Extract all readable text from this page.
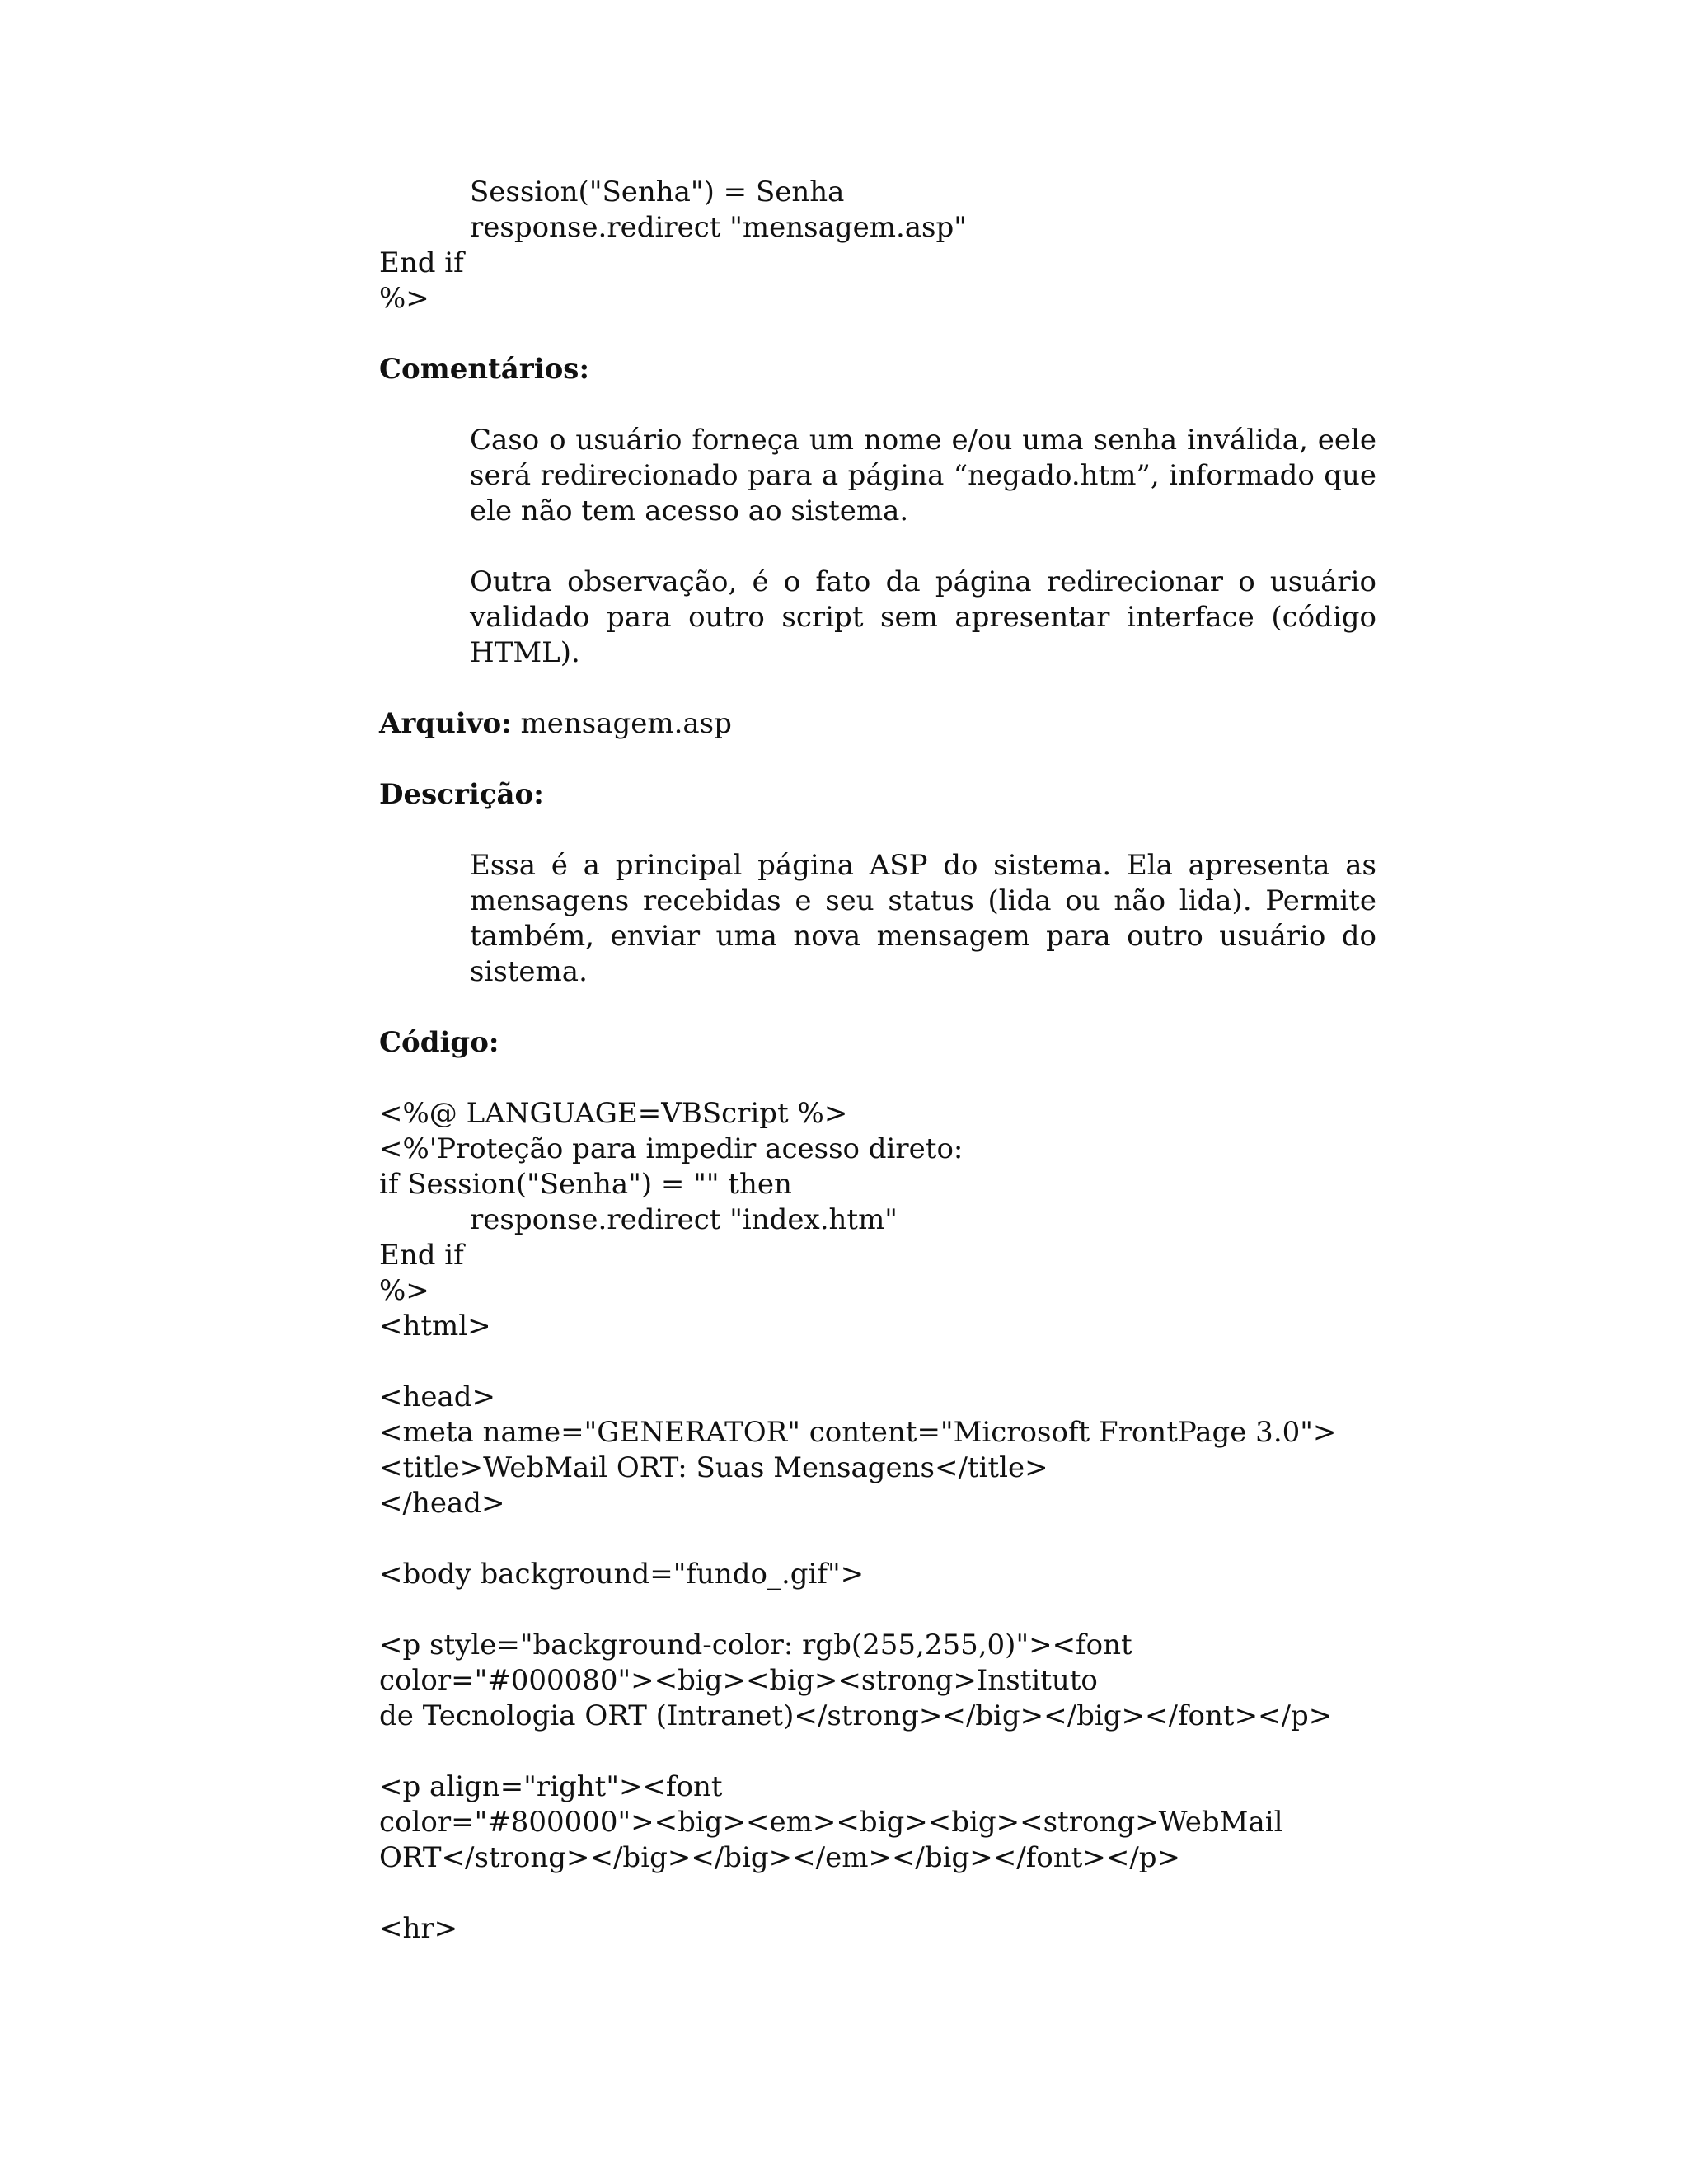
Session("Senha") = Senha
response.redirect "mensagem.asp"
End if
%>
Comentários:
Caso o usuário forneça um nome e/ou uma senha inválida, eele será redirecionado para a página “negado.htm”, informado que ele não tem acesso ao sistema.
Outra observação, é o fato da página redirecionar o usuário validado para outro script sem apresentar interface (código HTML).
Arquivo: mensagem.asp
Descrição:
Essa é a principal página ASP do sistema. Ela apresenta as mensagens recebidas e seu status (lida ou não lida). Permite também, enviar uma nova mensagem para outro usuário do sistema.
Código:
<%@ LANGUAGE=VBScript %>
<%'Proteção para impedir acesso direto:
if Session("Senha") = "" then
response.redirect "index.htm"
End if
%>
<html>
<head>
<meta name="GENERATOR" content="Microsoft FrontPage 3.0">
<title>WebMail ORT: Suas Mensagens</title>
</head>
<body background="fundo_.gif">
<p style="background-color: rgb(255,255,0)"><font
color="#000080"><big><big><strong>Instituto
de Tecnologia ORT (Intranet)</strong></big></big></font></p>
<p align="right"><font
color="#800000"><big><em><big><big><strong>WebMail
ORT</strong></big></big></em></big></font></p>
<hr>
